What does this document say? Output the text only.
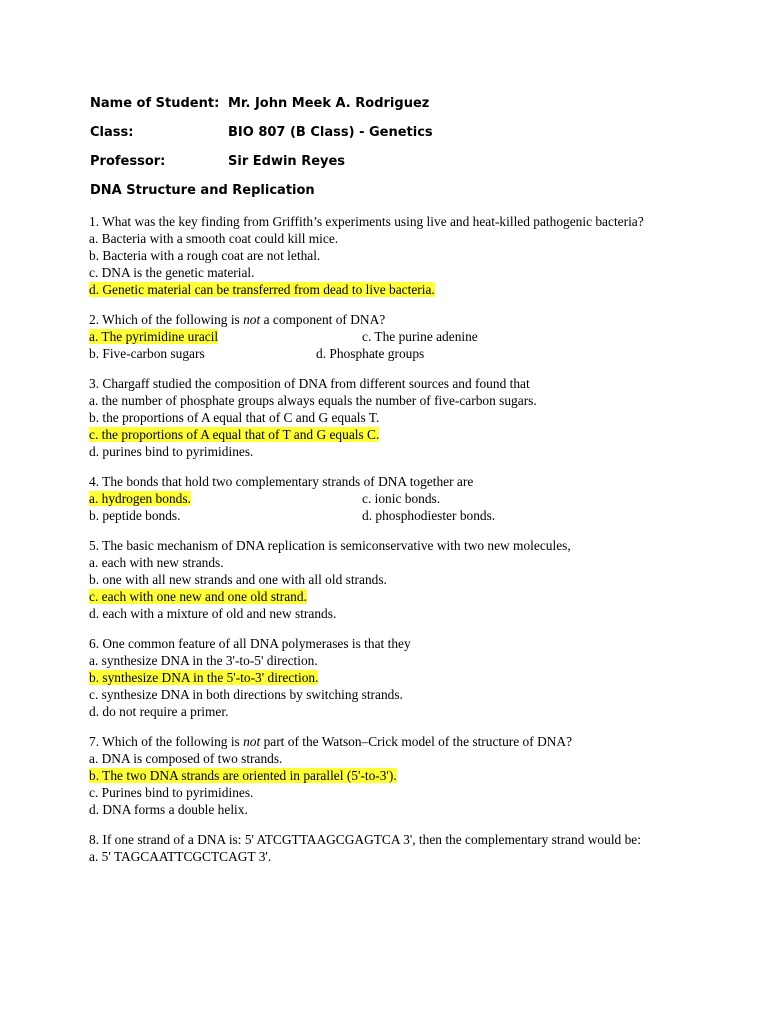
Name of Student: Mr. John Meek A. Rodriguez
Class:	BIO 807 (B Class) - Genetics
Professor:	Sir Edwin Reyes
DNA Structure and Replication
1. What was the key finding from Griffith’s experiments using live and heat-killed pathogenic bacteria?
a. Bacteria with a smooth coat could kill mice.
b. Bacteria with a rough coat are not lethal.
c. DNA is the genetic material.
d. Genetic material can be transferred from dead to live bacteria.
2. Which of the following is not a component of DNA?
a. The pyrimidine uracil	c. The purine adenine
b. Five-carbon sugars	d. Phosphate groups
3. Chargaff studied the composition of DNA from different sources and found that
a. the number of phosphate groups always equals the number of five-carbon sugars.
b. the proportions of A equal that of C and G equals T.
c. the proportions of A equal that of T and G equals C.
d. purines bind to pyrimidines.
4. The bonds that hold two complementary strands of DNA together are
a. hydrogen bonds.	c. ionic bonds.
b. peptide bonds.	d. phosphodiester bonds.
5. The basic mechanism of DNA replication is semiconservative with two new molecules,
a. each with new strands.
b. one with all new strands and one with all old strands.
c. each with one new and one old strand.
d. each with a mixture of old and new strands.
6. One common feature of all DNA polymerases is that they
a. synthesize DNA in the 3'-to-5' direction.
b. synthesize DNA in the 5'-to-3' direction.
c. synthesize DNA in both directions by switching strands.
d. do not require a primer.
7. Which of the following is not part of the Watson–Crick model of the structure of DNA?
a. DNA is composed of two strands.
b. The two DNA strands are oriented in parallel (5'-to-3').
c. Purines bind to pyrimidines.
d. DNA forms a double helix.
8. If one strand of a DNA is: 5' ATCGTTAAGCGAGTCA 3', then the complementary strand would be:
a. 5' TAGCAATTCGCTCAGT 3'.
